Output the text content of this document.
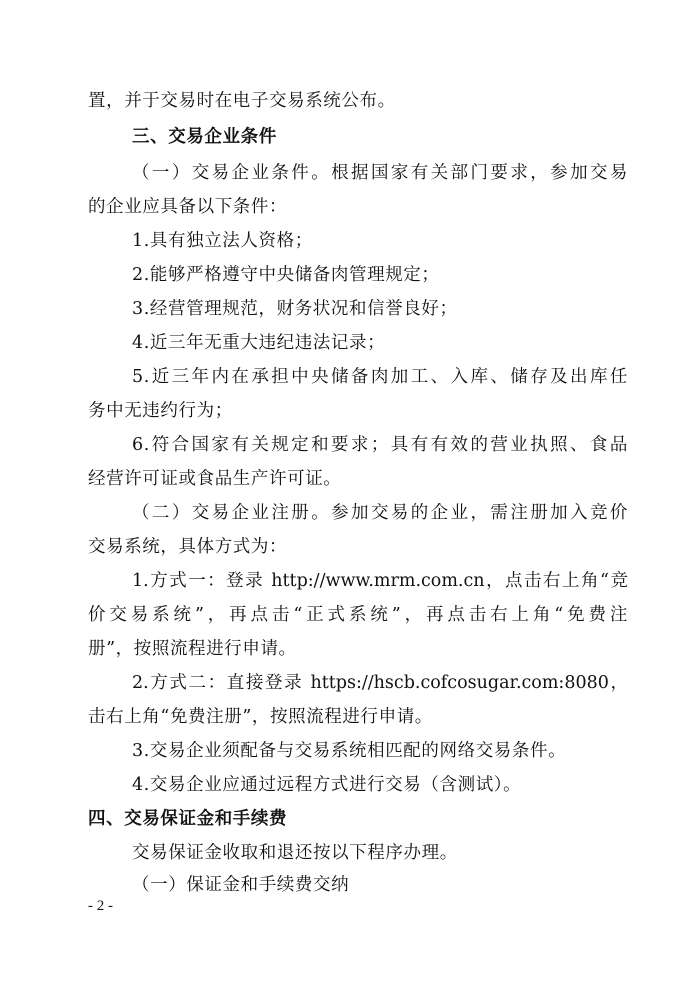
置，并于交易时在电子交易系统公布。
三、交易企业条件
（一）交易企业条件。根据国家有关部门要求，参加交易
的企业应具备以下条件：
1.具有独立法人资格；
2.能够严格遵守中央储备肉管理规定；
3.经营管理规范，财务状况和信誉良好；
4.近三年无重大违纪违法记录；
5.近三年内在承担中央储备肉加工、入库、储存及出库任
务中无违约行为；
6.符合国家有关规定和要求；具有有效的营业执照、食品
经营许可证或食品生产许可证。
（二）交易企业注册。参加交易的企业，需注册加入竞价
交易系统，具体方式为：
1.方式一：登录 http://www.mrm.com.cn，点击右上角“竞
价交易系统”，再点击“正式系统”，再点击右上角“免费注
册”，按照流程进行申请。
2.方式二：直接登录 https://hscb.cofcosugar.com:8080，
击右上角“免费注册”，按照流程进行申请。
3.交易企业须配备与交易系统相匹配的网络交易条件。
4.交易企业应通过远程方式进行交易（含测试）。
四、交易保证金和手续费
交易保证金收取和退还按以下程序办理。
（一）保证金和手续费交纳
- 2 -
